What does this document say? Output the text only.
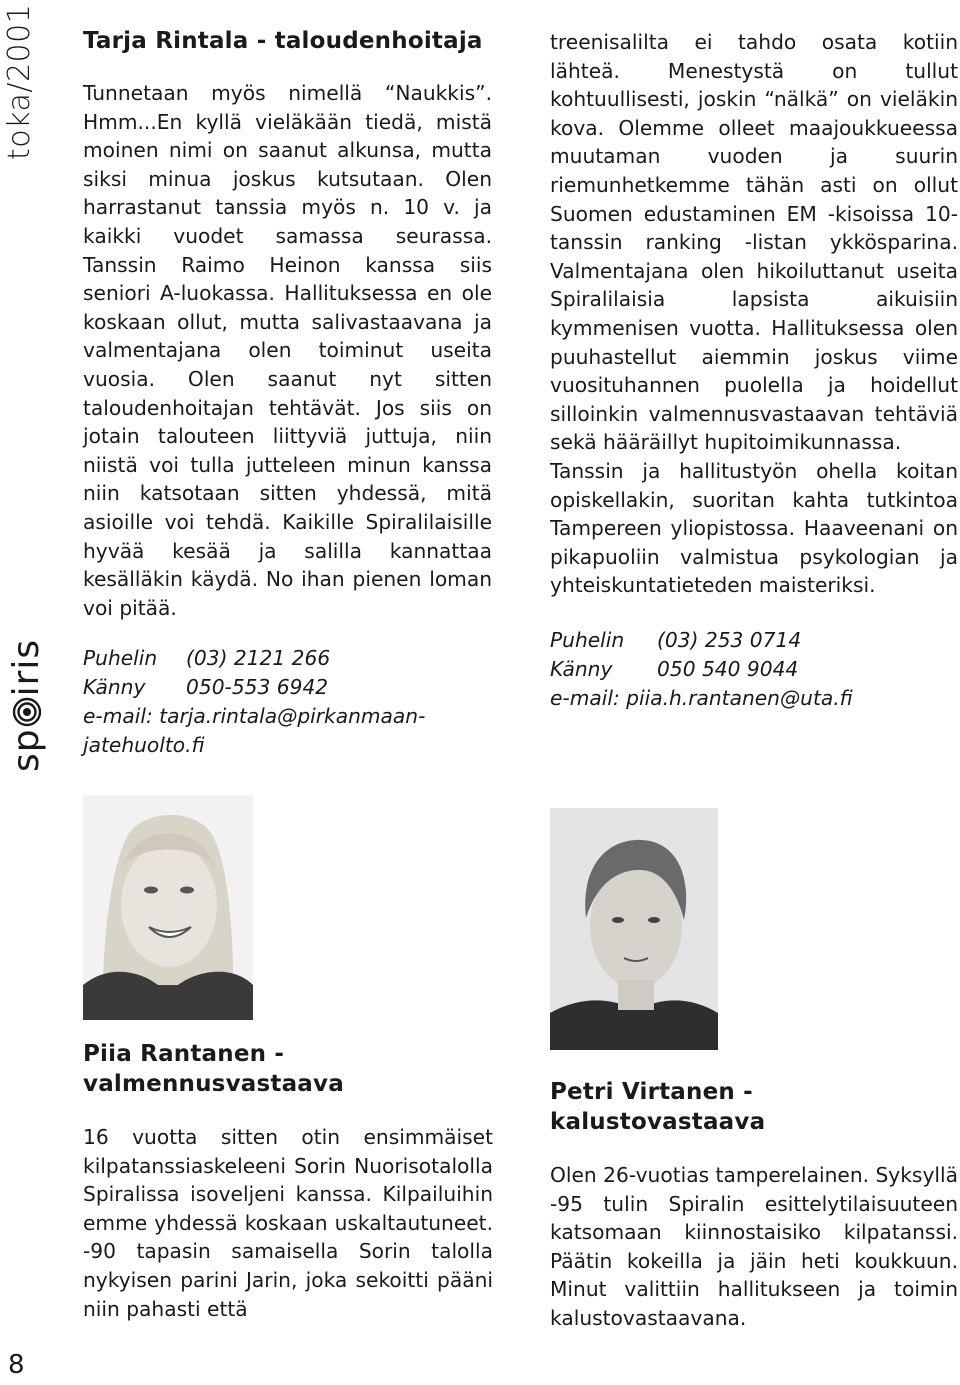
toka/2001
sp
iris
8
Tarja Rintala - taloudenhoitaja

Tunnetaan myös nimellä “Naukkis”. Hmm...En kyllä vieläkään tiedä, mistä moinen nimi on saanut alkunsa, mutta siksi minua joskus kutsutaan. Olen harrastanut tanssia myös n. 10 v. ja kaikki vuodet samassa seurassa. Tanssin Raimo Heinon kanssa siis seniori A-luokassa. Hallituksessa en ole koskaan ollut, mutta salivastaavana ja valmentajana olen toiminut useita vuosia. Olen saanut nyt sitten taloudenhoitajan tehtävät. Jos siis on jotain talouteen liittyviä juttuja, niin niistä voi tulla jutteleen minun kanssa niin katsotaan sitten yhdessä, mitä asioille voi tehdä. Kaikille Spiralilaisille hyvää kesää ja salilla kannattaa kesälläkin käydä. No ihan pienen loman voi pitää.

Puhelin	(03) 2121 266
Känny	050-553 6942
e-mail: tarja.rintala@pirkanmaan-
jatehuolto.fi

treenisalilta ei tahdo osata kotiin lähteä. Menestystä on tullut kohtuullisesti, joskin “nälkä” on vieläkin kova. Olemme olleet maajoukkueessa muutaman vuoden ja suurin riemunhetkemme tähän asti on ollut Suomen edustaminen EM -kisoissa 10-tanssin ranking -listan ykkösparina. Valmentajana olen hikoiluttanut useita Spiralilaisia lapsista aikuisiin kymmenisen vuotta. Hallituksessa olen puuhastellut aiemmin joskus viime vuosituhannen puolella ja hoidellut silloinkin valmennusvastaavan tehtäviä sekä hääräillyt hupitoimikunnassa.

Tanssin ja hallitustyön ohella koitan opiskellakin, suoritan kahta tutkintoa Tampereen yliopistossa. Haaveenani on pikapuoliin valmistua psykologian ja yhteiskuntatieteden maisteriksi.

Puhelin	(03) 253 0714
Känny	050 540 9044
e-mail: piia.h.rantanen@uta.fi
Piia Rantanen -
valmennusvastaava

16 vuotta sitten otin ensimmäiset kilpatanssiaskeleeni Sorin Nuorisotalolla Spiralissa isoveljeni kanssa. Kilpailuihin emme yhdessä koskaan uskaltautuneet. -90 tapasin samaisella Sorin talolla nykyisen parini Jarin, joka sekoitti pääni niin pahasti että

Petri Virtanen -
kalustovastaava

Olen 26-vuotias tamperelainen. Syksyllä -95 tulin Spiralin esittelytilaisuuteen katsomaan kiinnostaisiko kilpatanssi. Päätin kokeilla ja jäin heti koukkuun. Minut valittiin hallitukseen ja toimin kalustovastaavana.
